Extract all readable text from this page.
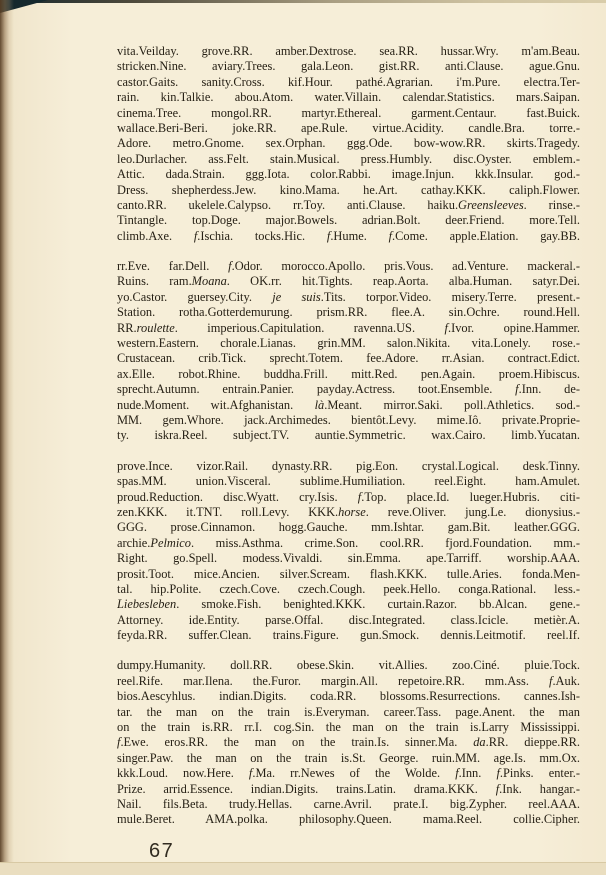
vita.Veilday. grove.RR. amber.Dextrose. sea.RR. hussar.Wry. m'am.Beau.
stricken.Nine. aviary.Trees. gala.Leon. gist.RR. anti.Clause. ague.Gnu.
castor.Gaits. sanity.Cross. kif.Hour. pathé.Agrarian. i'm.Pure. electra.Ter-
rain. kin.Talkie. abou.Atom. water.Villain. calendar.Statistics. mars.Saipan.
cinema.Tree. mongol.RR. martyr.Ethereal. garment.Centaur. fast.Buick.
wallace.Beri-Beri. joke.RR. ape.Rule. virtue.Acidity. candle.Bra. torre.-
Adore. metro.Gnome. sex.Orphan. ggg.Ode. bow-wow.RR. skirts.Tragedy.
leo.Durlacher. ass.Felt. stain.Musical. press.Humbly. disc.Oyster. emblem.-
Attic. dada.Strain. ggg.Iota. color.Rabbi. image.Injun. kkk.Insular. god.-
Dress. shepherdess.Jew. kino.Mama. he.Art. cathay.KKK. caliph.Flower.
canto.RR. ukelele.Calypso. rr.Toy. anti.Clause. haiku.Greensleeves. rinse.-
Tintangle. top.Doge. major.Bowels. adrian.Bolt. deer.Friend. more.Tell.
climb.Axe. f.Ischia. tocks.Hic. f.Hume. f.Come. apple.Elation. gay.BB.
rr.Eve. far.Dell. f.Odor. morocco.Apollo. pris.Vous. ad.Venture. mackeral.-
Ruins. ram.Moana. OK.rr. hit.Tights. reap.Aorta. alba.Human. satyr.Dei.
yo.Castor. guersey.City. je suis.Tits. torpor.Video. misery.Terre. present.-
Station. rotha.Gotterdemurung. prism.RR. flee.A. sin.Ochre. round.Hell.
RR.roulette. imperious.Capitulation. ravenna.US. f.Ivor. opine.Hammer.
western.Eastern. chorale.Lianas. grin.MM. salon.Nikita. vita.Lonely. rose.-
Crustacean. crib.Tick. sprecht.Totem. fee.Adore. rr.Asian. contract.Edict.
ax.Elle. robot.Rhine. buddha.Frill. mitt.Red. pen.Again. proem.Hibiscus.
sprecht.Autumn. entrain.Panier. payday.Actress. toot.Ensemble. f.Inn. de-
nude.Moment. wit.Afghanistan. là.Meant. mirror.Saki. poll.Athletics. sod.-
MM. gem.Whore. jack.Archimedes. bientôt.Levy. mime.Iô. private.Proprie-
ty. iskra.Reel. subject.TV. auntie.Symmetric. wax.Cairo. limb.Yucatan.
prove.Ince. vizor.Rail. dynasty.RR. pig.Eon. crystal.Logical. desk.Tinny.
spas.MM. union.Visceral. sublime.Humiliation. reel.Eight. ham.Amulet.
proud.Reduction. disc.Wyatt. cry.Isis. f.Top. place.Id. lueger.Hubris. citi-
zen.KKK. it.TNT. roll.Levy. KKK.horse. reve.Oliver. jung.Le. dionysius.-
GGG. prose.Cinnamon. hogg.Gauche. mm.Ishtar. gam.Bit. leather.GGG.
archie.Pelmico. miss.Asthma. crime.Son. cool.RR. fjord.Foundation. mm.-
Right. go.Spell. modess.Vivaldi. sin.Emma. ape.Tarriff. worship.AAA.
prosit.Toot. mice.Ancien. silver.Scream. flash.KKK. tulle.Aries. fonda.Men-
tal. hip.Polite. czech.Cove. czech.Cough. peek.Hello. conga.Rational. less.-
Liebesleben. smoke.Fish. benighted.KKK. curtain.Razor. bb.Alcan. gene.-
Attorney. ide.Entity. parse.Offal. disc.Integrated. class.Icicle. metièr.A.
feyda.RR. suffer.Clean. trains.Figure. gun.Smock. dennis.Leitmotif. reel.If.
dumpy.Humanity. doll.RR. obese.Skin. vit.Allies. zoo.Ciné. pluie.Tock.
reel.Rife. mar.Ilena. the.Furor. margin.All. repetoire.RR. mm.Ass. f.Auk.
bios.Aescyhlus. indian.Digits. coda.RR. blossoms.Resurrections. cannes.Ish-
tar. the man on the train is.Everyman. career.Tass. page.Anent. the man
on the train is.RR. rr.I. cog.Sin. the man on the train is.Larry Mississippi.
f.Ewe. eros.RR. the man on the train.Is. sinner.Ma. da.RR. dieppe.RR.
singer.Paw. the man on the train is.St. George. ruin.MM. age.Is. mm.Ox.
kkk.Loud. now.Here. f.Ma. rr.Newes of the Wolde. f.Inn. f.Pinks. enter.-
Prize. arrid.Essence. indian.Digits. trains.Latin. drama.KKK. f.Ink. hangar.-
Nail. fils.Beta. trudy.Hellas. carne.Avril. prate.I. big.Zypher. reel.AAA.
mule.Beret. AMA.polka. philosophy.Queen. mama.Reel. collie.Cipher.
67
